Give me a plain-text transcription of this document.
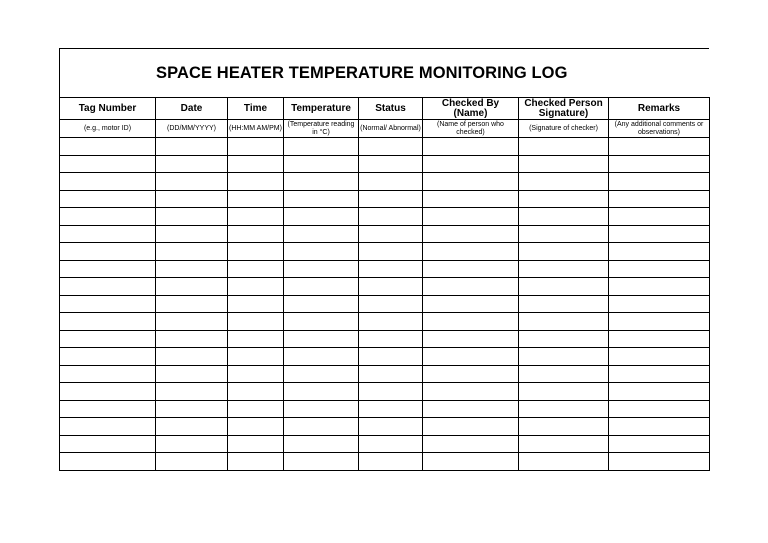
SPACE HEATER TEMPERATURE MONITORING LOG
Tag Number	Date	Time	Temperature	Status	Checked By (Name)	Checked Person Signature)	Remarks
(e.g., motor ID)	(DD/MM/YYYY)	(HH:MM AM/PM)	(Temperature reading in °C)	(Normal/ Abnormal)	(Name of person who checked)	(Signature of checker)	(Any additional comments or observations)
